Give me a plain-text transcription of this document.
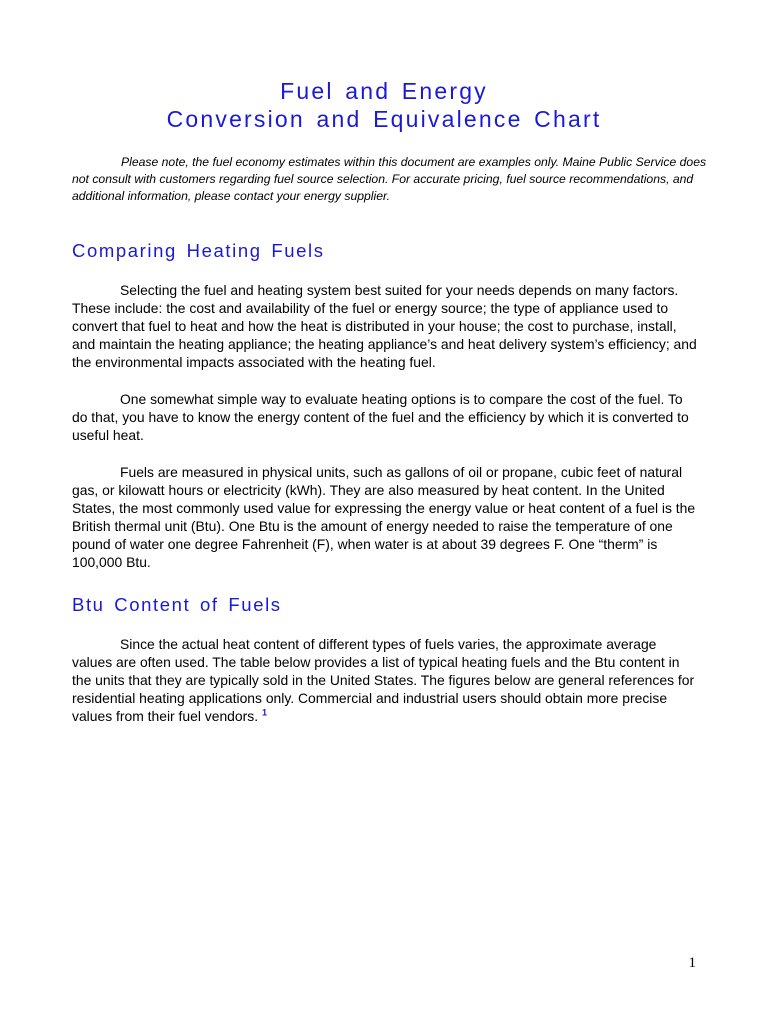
Fuel and Energy
Conversion and Equivalence Chart

Please note, the fuel economy estimates within this document are examples only. Maine Public Service does not consult with customers regarding fuel source selection. For accurate pricing, fuel source recommendations, and additional information, please contact your energy supplier.

Comparing Heating Fuels

Selecting the fuel and heating system best suited for your needs depends on many factors. These include: the cost and availability of the fuel or energy source; the type of appliance used to convert that fuel to heat and how the heat is distributed in your house; the cost to purchase, install, and maintain the heating appliance; the heating appliance’s and heat delivery system’s efficiency; and the environmental impacts associated with the heating fuel.

One somewhat simple way to evaluate heating options is to compare the cost of the fuel. To do that, you have to know the energy content of the fuel and the efficiency by which it is converted to useful heat.

Fuels are measured in physical units, such as gallons of oil or propane, cubic feet of natural gas, or kilowatt hours or electricity (kWh). They are also measured by heat content. In the United States, the most commonly used value for expressing the energy value or heat content of a fuel is the British thermal unit (Btu). One Btu is the amount of energy needed to raise the temperature of one pound of water one degree Fahrenheit (F), when water is at about 39 degrees F. One “therm” is 100,000 Btu.

Btu Content of Fuels

Since the actual heat content of different types of fuels varies, the approximate average values are often used. The table below provides a list of typical heating fuels and the Btu content in the units that they are typically sold in the United States. The figures below are general references for residential heating applications only. Commercial and industrial users should obtain more precise values from their fuel vendors. $^1$

1
